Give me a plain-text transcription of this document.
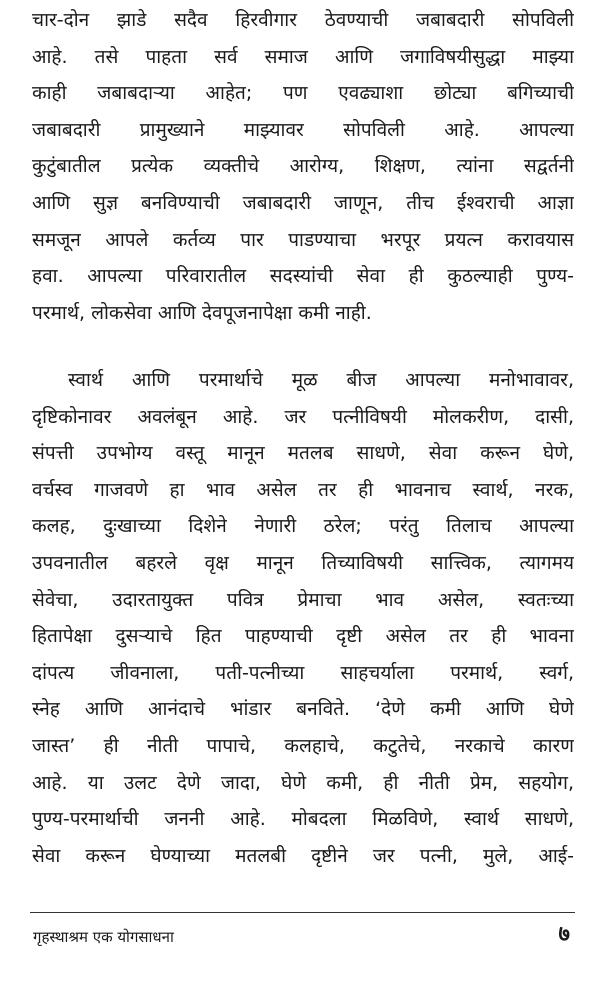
चार-दोन झाडे सदैव हिरवीगार ठेवण्याची जबाबदारी सोपविली
आहे. तसे पाहता सर्व समाज आणि जगाविषयीसुद्धा माझ्या
काही जबाबदाऱ्या आहेत; पण एवढ्याशा छोट्या बगिच्याची
जबाबदारी प्रामुख्याने माझ्यावर सोपविली आहे. आपल्या
कुटुंबातील प्रत्येक व्यक्तीचे आरोग्य, शिक्षण, त्यांना सद्वर्तनी
आणि सुज्ञ बनविण्याची जबाबदारी जाणून, तीच ईश्वराची आज्ञा
समजून आपले कर्तव्य पार पाडण्याचा भरपूर प्रयत्न करावयास
हवा. आपल्या परिवारातील सदस्यांची सेवा ही कुठल्याही पुण्य-
परमार्थ, लोकसेवा आणि देवपूजनापेक्षा कमी नाही.
स्वार्थ आणि परमार्थाचे मूळ बीज आपल्या मनोभावावर,
दृष्टिकोनावर अवलंबून आहे. जर पत्नीविषयी मोलकरीण, दासी,
संपत्ती उपभोग्य वस्तू मानून मतलब साधणे, सेवा करून घेणे,
वर्चस्व गाजवणे हा भाव असेल तर ही भावनाच स्वार्थ, नरक,
कलह, दुःखाच्या दिशेने नेणारी ठरेल; परंतु तिलाच आपल्या
उपवनातील बहरले वृक्ष मानून तिच्याविषयी सात्त्विक, त्यागमय
सेवेचा, उदारतायुक्त पवित्र प्रेमाचा भाव असेल, स्वतःच्या
हितापेक्षा दुसऱ्याचे हित पाहण्याची दृष्टी असेल तर ही भावना
दांपत्य जीवनाला, पती-पत्नीच्या साहचर्याला परमार्थ, स्वर्ग,
स्नेह आणि आनंदाचे भांडार बनविते. ‘देणे कमी आणि घेणे
जास्त’ ही नीती पापाचे, कलहाचे, कटुतेचे, नरकाचे कारण
आहे. या उलट देणे जादा, घेणे कमी, ही नीती प्रेम, सहयोग,
पुण्य-परमार्थाची जननी आहे. मोबदला मिळविणे, स्वार्थ साधणे,
सेवा करून घेण्याच्या मतलबी दृष्टीने जर पत्नी, मुले, आई-
गृहस्थाश्रम एक योगसाधना	७
